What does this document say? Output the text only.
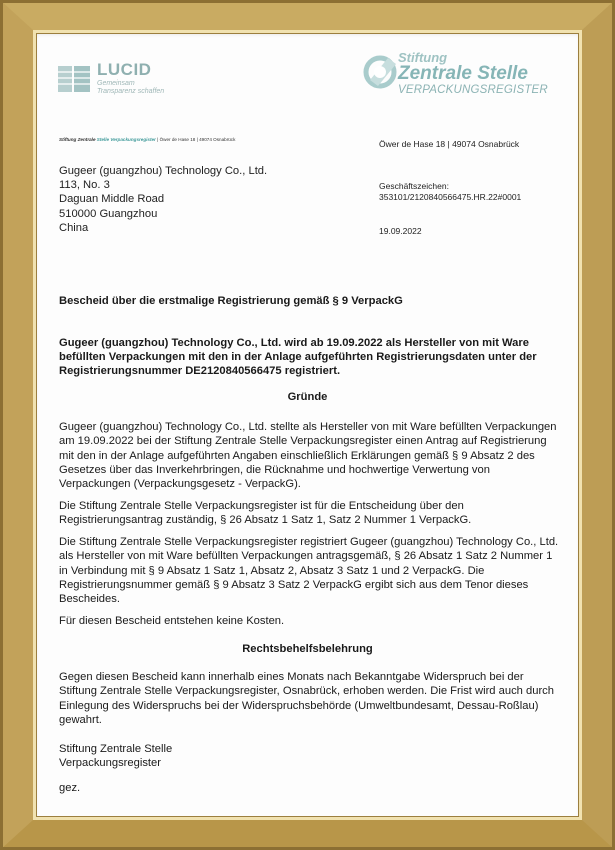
LUCID
Gemeinsam
Transparenz schaffen
Stiftung
Zentrale Stelle
VERPACKUNGSREGISTER
Stiftung Zentrale Stelle Verpackungsregister | Öwer de Hase 18 | 49074 Osnabrück	Öwer de Hase 18 | 49074 Osnabrück
Gugeer (guangzhou) Technology Co., Ltd.
113, No. 3
Daguan Middle Road
510000 Guangzhou
China
Geschäftszeichen:
353101/2120840566475.HR.22#0001
19.09.2022
Bescheid über die erstmalige Registrierung gemäß § 9 VerpackG
Gugeer (guangzhou) Technology Co., Ltd. wird ab 19.09.2022 als Hersteller von mit Ware befüllten Verpackungen mit den in der Anlage aufgeführten Registrierungsdaten unter der Registrierungsnummer DE2120840566475 registriert.
Gründe
Gugeer (guangzhou) Technology Co., Ltd. stellte als Hersteller von mit Ware befüllten Verpackungen am 19.09.2022 bei der Stiftung Zentrale Stelle Verpackungsregister einen Antrag auf Registrierung mit den in der Anlage aufgeführten Angaben einschließlich Erklärungen gemäß § 9 Absatz 2 des Gesetzes über das Inverkehrbringen, die Rücknahme und hochwertige Verwertung von Verpackungen (Verpackungsgesetz - VerpackG).
Die Stiftung Zentrale Stelle Verpackungsregister ist für die Entscheidung über den Registrierungsantrag zuständig, § 26 Absatz 1 Satz 1, Satz 2 Nummer 1 VerpackG.
Die Stiftung Zentrale Stelle Verpackungsregister registriert Gugeer (guangzhou) Technology Co., Ltd. als Hersteller von mit Ware befüllten Verpackungen antragsgemäß, § 26 Absatz 1 Satz 2 Nummer 1 in Verbindung mit § 9 Absatz 1 Satz 1, Absatz 2, Absatz 3 Satz 1 und 2 VerpackG. Die Registrierungsnummer gemäß § 9 Absatz 3 Satz 2 VerpackG ergibt sich aus dem Tenor dieses Bescheides.
Für diesen Bescheid entstehen keine Kosten.
Rechtsbehelfsbelehrung
Gegen diesen Bescheid kann innerhalb eines Monats nach Bekanntgabe Widerspruch bei der Stiftung Zentrale Stelle Verpackungsregister, Osnabrück, erhoben werden. Die Frist wird auch durch Einlegung des Widerspruchs bei der Widerspruchsbehörde (Umweltbundesamt, Dessau-Roßlau) gewahrt.
Stiftung Zentrale Stelle
Verpackungsregister
gez.
